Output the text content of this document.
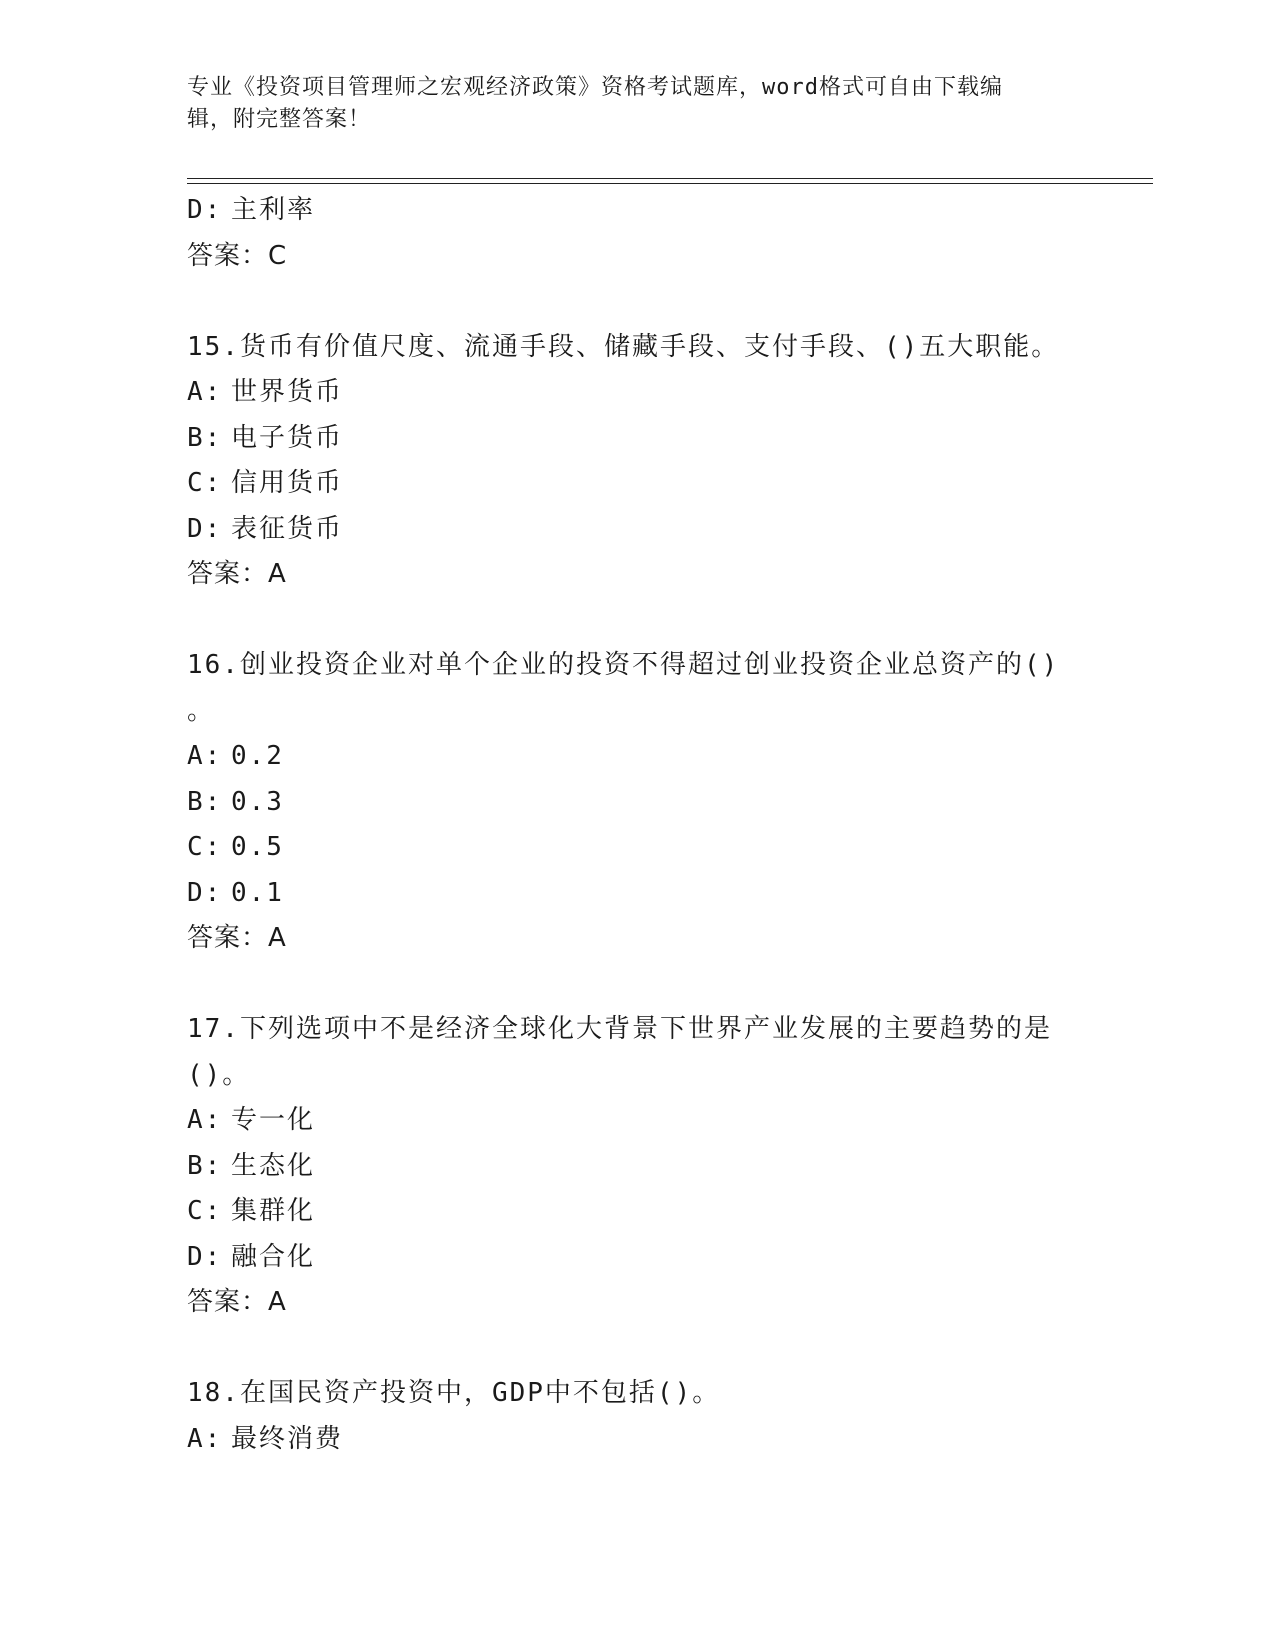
专业《投资项目管理师之宏观经济政策》资格考试题库，word格式可自由下载编
辑，附完整答案！
D: 主利率
答案：C
15.货币有价值尺度、流通手段、储藏手段、支付手段、()五大职能。
A: 世界货币
B: 电子货币
C: 信用货币
D: 表征货币
答案：A
16.创业投资企业对单个企业的投资不得超过创业投资企业总资产的()
。
A: 0.2
B: 0.3
C: 0.5
D: 0.1
答案：A
17.下列选项中不是经济全球化大背景下世界产业发展的主要趋势的是
()。
A: 专一化
B: 生态化
C: 集群化
D: 融合化
答案：A
18.在国民资产投资中，GDP中不包括()。
A: 最终消费
